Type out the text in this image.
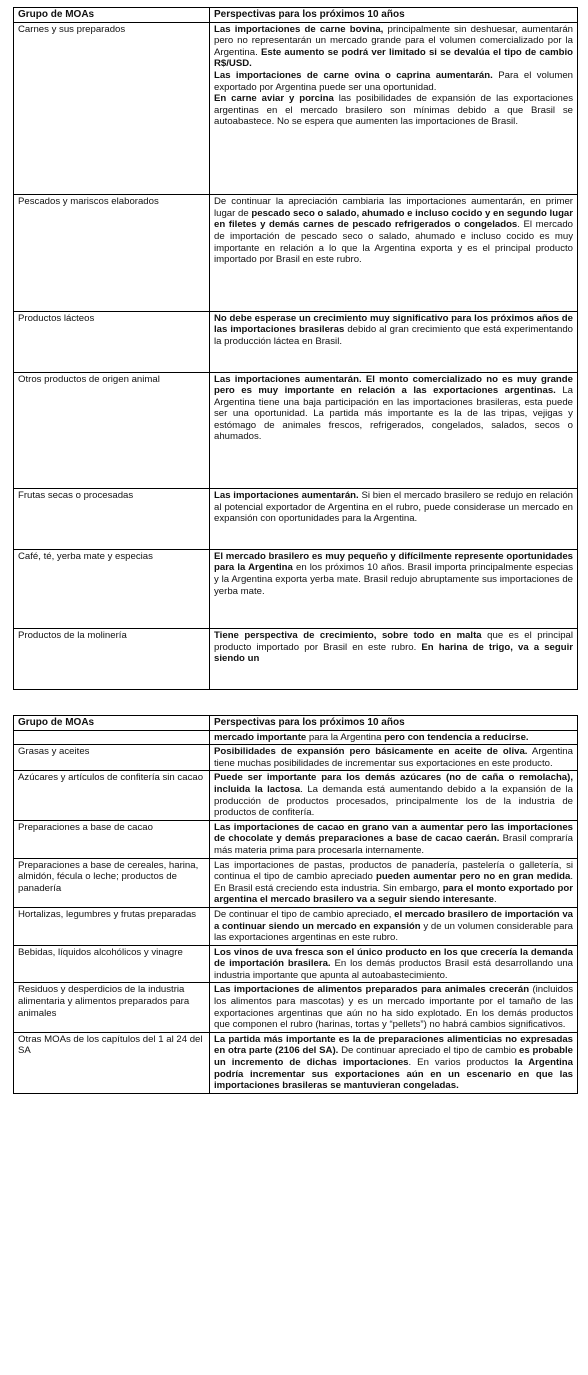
Grupo de MOAs	Perspectivas para los próximos 10 años
Carnes y sus preparados	Las importaciones de carne bovina, principalmente sin deshuesar, aumentarán pero no representarán un mercado grande para el volumen comercializado por la Argentina. Este aumento se podrá ver limitado si se devalúa el tipo de cambio R$/USD.
Las importaciones de carne ovina o caprina aumentarán. Para el volumen exportado por Argentina puede ser una oportunidad.
En carne aviar y porcina las posibilidades de expansión de las exportaciones argentinas en el mercado brasilero son mínimas debido a que Brasil se autoabastece. No se espera que aumenten las importaciones de Brasil.

Pescados y mariscos elaborados	De continuar la apreciación cambiaria las importaciones aumentarán, en primer lugar de pescado seco o salado, ahumado e incluso cocido y en segundo lugar en filetes y demás carnes de pescado refrigerados o congelados. El mercado de importación de pescado seco o salado, ahumado e incluso cocido es muy importante en relación a lo que la Argentina exporta y es el principal producto importado por Brasil en este rubro.

Productos lácteos	No debe esperase un crecimiento muy significativo para los próximos años de las importaciones brasileras debido al gran crecimiento que está experimentando la producción láctea en Brasil.

Otros productos de origen animal	Las importaciones aumentarán. El monto comercializado no es muy grande pero es muy importante en relación a las exportaciones argentinas. La Argentina tiene una baja participación en las importaciones brasileras, esta puede ser una oportunidad. La partida más importante es la de las tripas, vejigas y estómago de animales frescos, refrigerados, congelados, salados, secos o ahumados.

Frutas secas o procesadas	Las importaciones aumentarán. Si bien el mercado brasilero se redujo en relación al potencial exportador de Argentina en el rubro, puede considerase un mercado en expansión con oportunidades para la Argentina.

Café, té, yerba mate y especias	El mercado brasilero es muy pequeño y difícilmente represente oportunidades para la Argentina en los próximos 10 años. Brasil importa principalmente especias y la Argentina exporta yerba mate. Brasil redujo abruptamente sus importaciones de yerba mate.

Productos de la molinería	Tiene perspectiva de crecimiento, sobre todo en malta que es el principal producto importado por Brasil en este rubro. En harina de trigo, va a seguir siendo un
Grupo de MOAs	Perspectivas para los próximos 10 años

	mercado importante para la Argentina pero con tendencia a reducirse.

Grasas y aceites	Posibilidades de expansión pero básicamente en aceite de oliva. Argentina tiene muchas posibilidades de incrementar sus exportaciones en este producto.

Azúcares y artículos de confitería sin cacao	Puede ser importante para los demás azúcares (no de caña o remolacha), incluida la lactosa. La demanda está aumentando debido a la expansión de la producción de productos procesados, principalmente los de la industria de productos de confitería.

Preparaciones a base de cacao	Las importaciones de cacao en grano van a aumentar pero las importaciones de chocolate y demás preparaciones a base de cacao caerán. Brasil compraría más materia prima para procesarla internamente.

Preparaciones a base de cereales, harina, almidón, fécula o leche; productos de panadería	Las importaciones de pastas, productos de panadería, pastelería o galletería, si continua el tipo de cambio apreciado pueden aumentar pero no en gran medida. En Brasil está creciendo esta industria. Sin embargo, para el monto exportado por argentina el mercado brasilero va a seguir siendo interesante.

Hortalizas, legumbres y frutas preparadas	De continuar el tipo de cambio apreciado, el mercado brasilero de importación va a continuar siendo un mercado en expansión y de un volumen considerable para las exportaciones argentinas en este rubro.

Bebidas, líquidos alcohólicos y vinagre	Los vinos de uva fresca son el único producto en los que crecería la demanda de importación brasilera. En los demás productos Brasil está desarrollando una industria importante que apunta al autoabastecimiento.

Residuos y desperdicios de la industria alimentaria y alimentos preparados para animales	Las importaciones de alimentos preparados para animales crecerán (incluidos los alimentos para mascotas) y es un mercado importante por el tamaño de las exportaciones argentinas que aún no ha sido explotado. En los demás productos que componen el rubro (harinas, tortas y “pellets”) no habrá cambios significativos.

Otras MOAs de los capítulos del 1 al 24 del SA	La partida más importante es la de preparaciones alimenticias no expresadas en otra parte (2106 del SA). De continuar apreciado el tipo de cambio es probable un incremento de dichas importaciones. En varios productos la Argentina podría incrementar sus exportaciones aún en un escenario en que las importaciones brasileras se mantuvieran congeladas.
